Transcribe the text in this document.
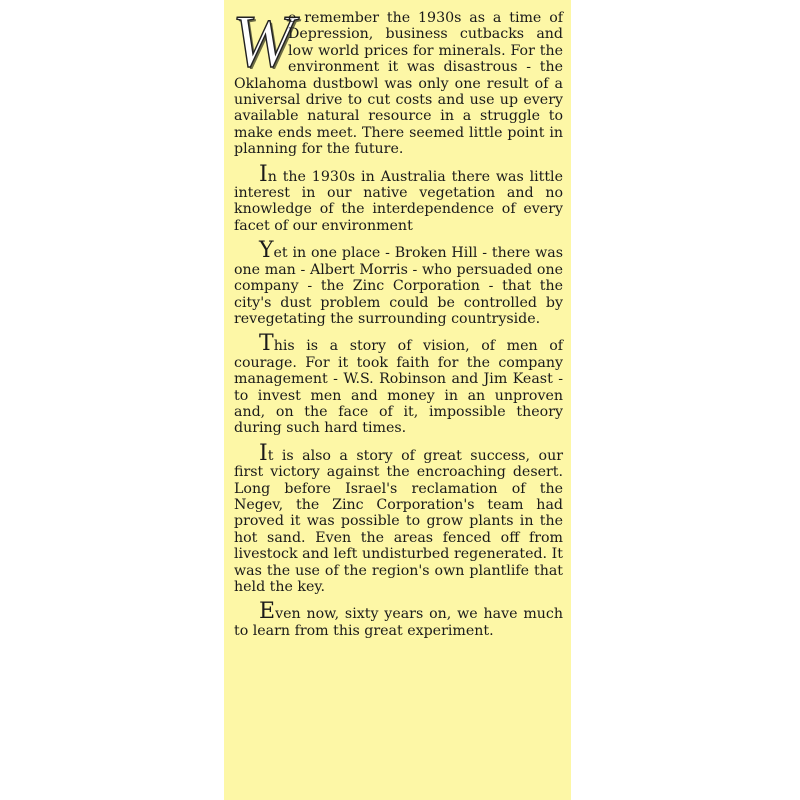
W
e remember the 1930s as a time of Depression, business cutbacks and low world prices for minerals. For the environment it was disastrous - the Oklahoma dustbowl was only one result of a universal drive to cut costs and use up every available natural resource in a struggle to make ends meet. There seemed little point in planning for the future.

In the 1930s in Australia there was little interest in our native vegetation and no knowledge of the interdependence of every facet of our environment

Yet in one place - Broken Hill - there was one man - Albert Morris - who persuaded one company - the Zinc Corporation - that the city's dust problem could be controlled by revegetating the surrounding countryside.

This is a story of vision, of men of courage. For it took faith for the company management - W.S. Robinson and Jim Keast - to invest men and money in an unproven and, on the face of it, impossible theory during such hard times.

It is also a story of great success, our first victory against the encroaching desert. Long before Israel's reclamation of the Negev, the Zinc Corporation's team had proved it was possible to grow plants in the hot sand. Even the areas fenced off from livestock and left undisturbed regenerated. It was the use of the region's own plantlife that held the key.

Even now, sixty years on, we have much to learn from this great experiment.
